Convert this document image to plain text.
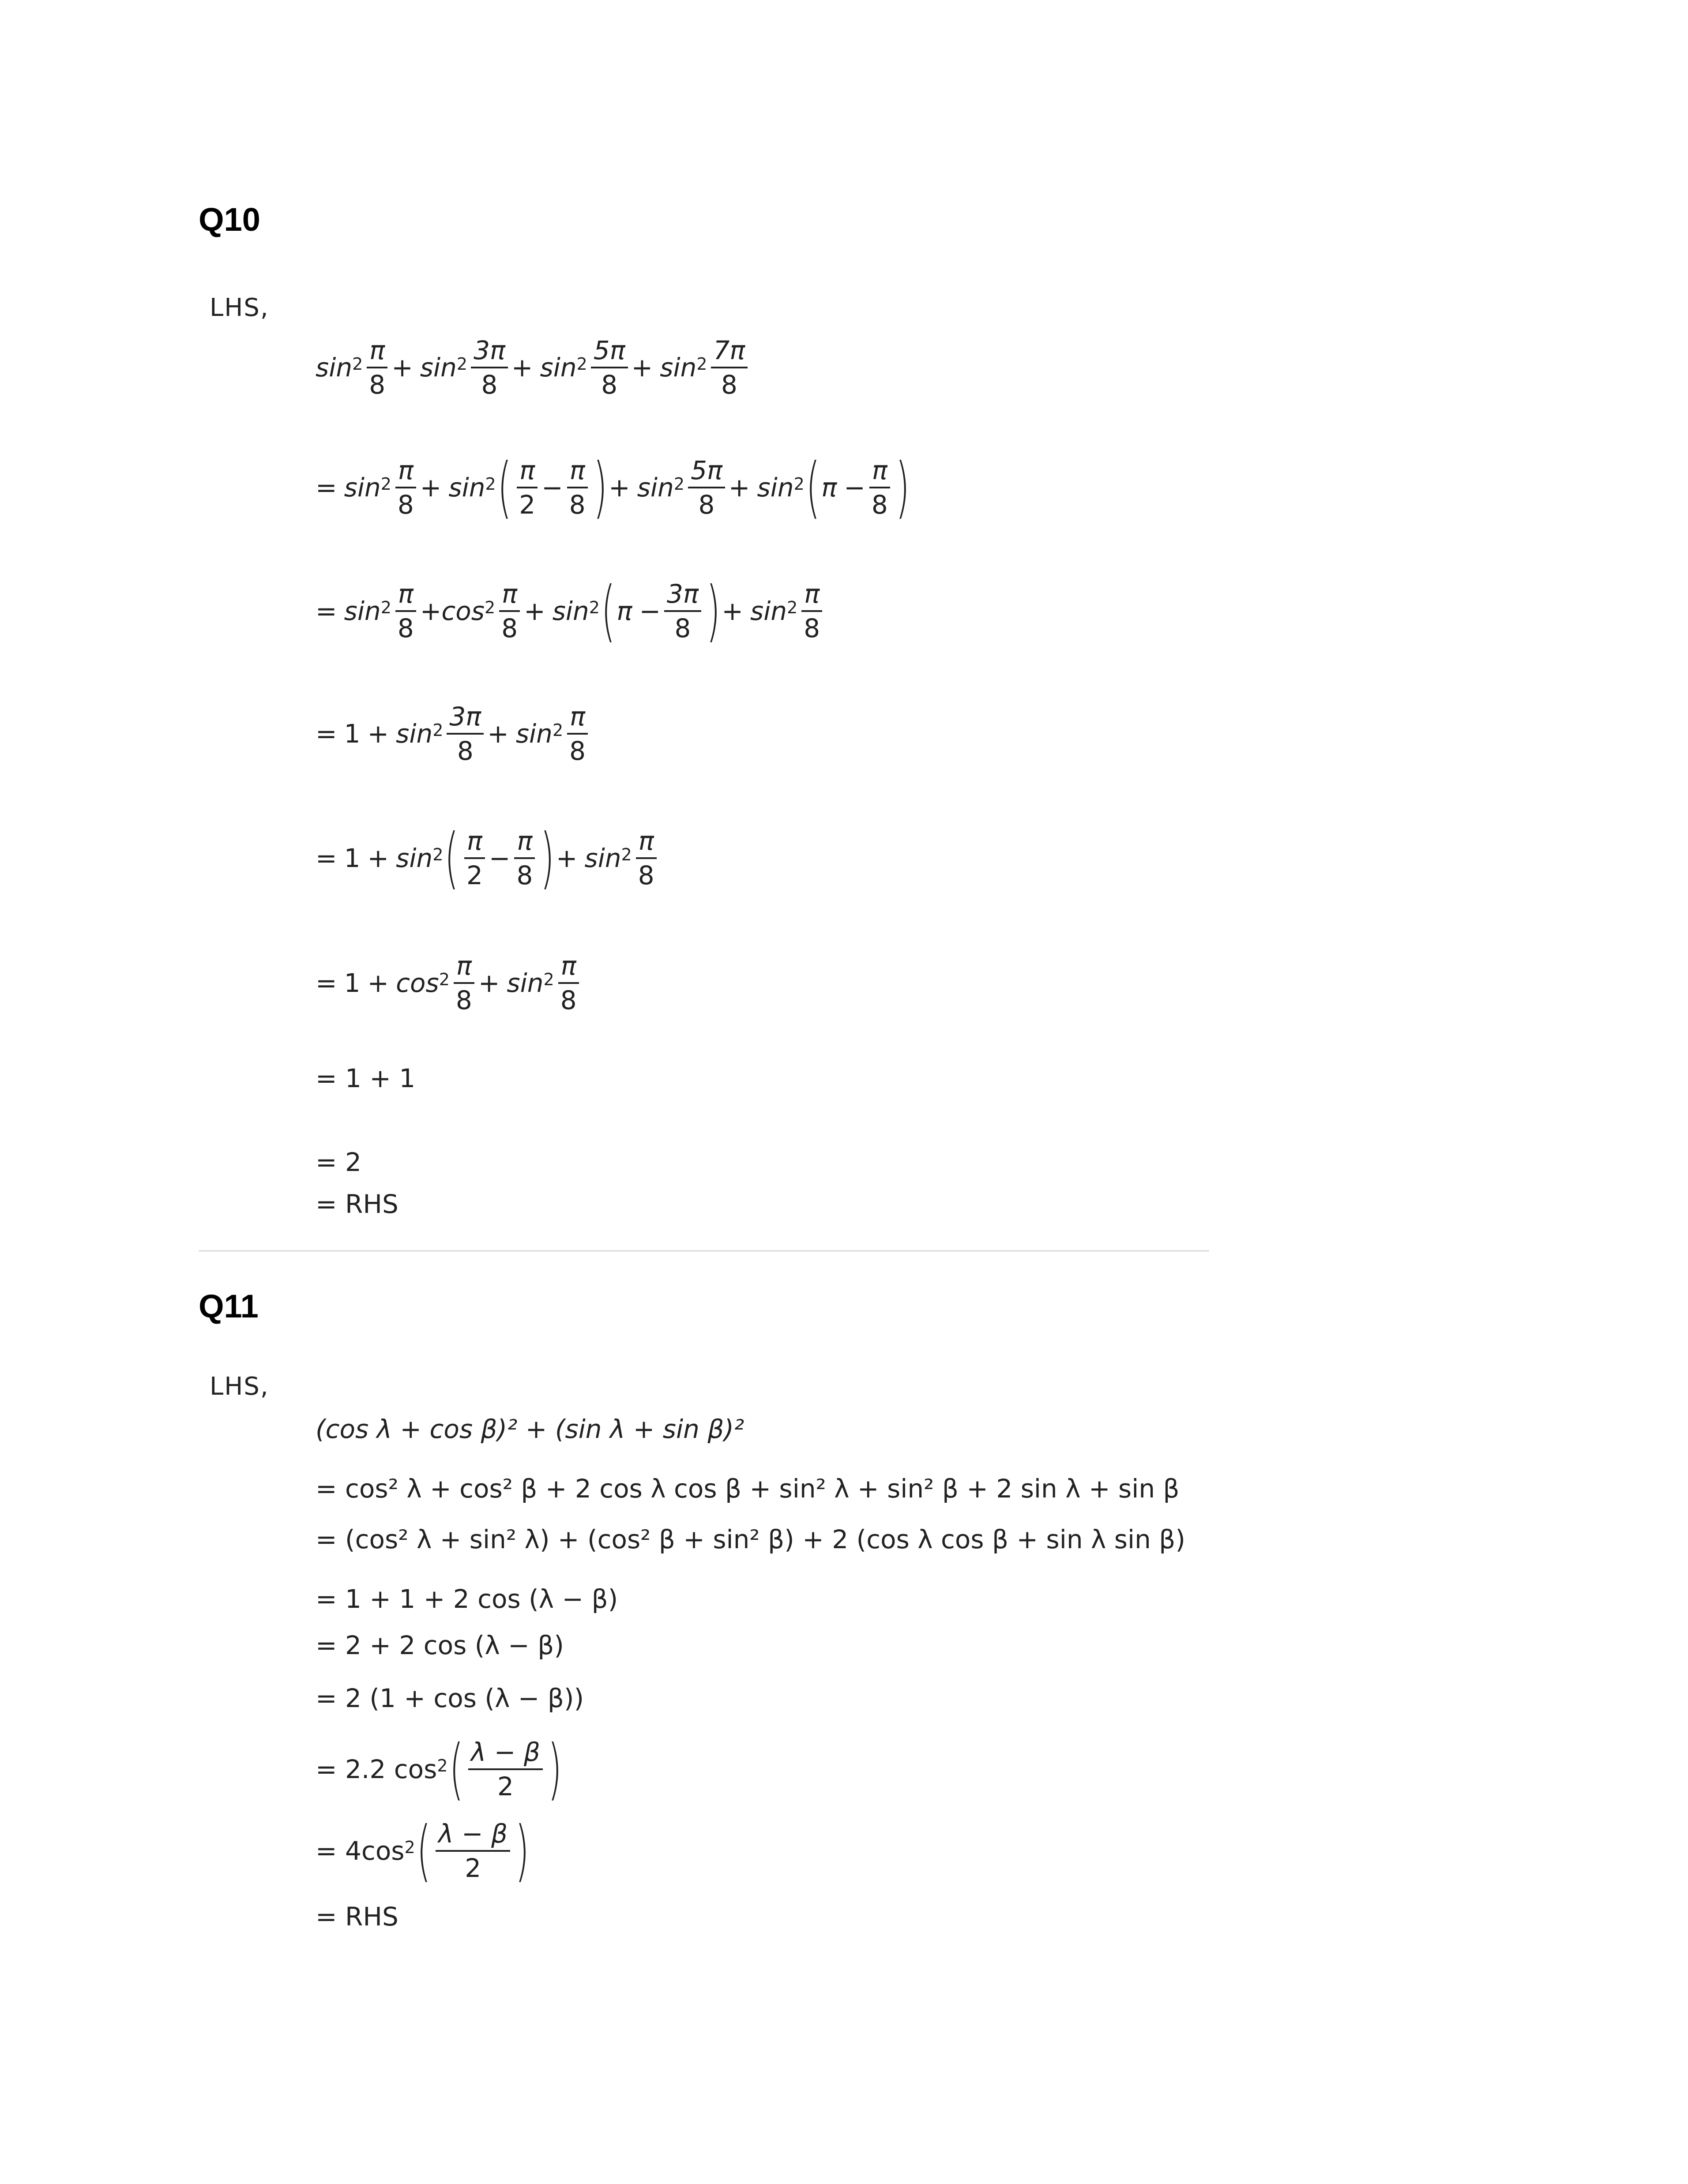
Q10
LHS,
$\sin^2 \frac{\pi}{8} + \sin^2 \frac{3\pi}{8} + \sin^2 \frac{5\pi}{8} + \sin^2 \frac{7\pi}{8}$
= $\sin^2 \frac{\pi}{8} + \sin^2$ ( $\frac{\pi}{2} - \frac{\pi}{8}$ ) + $\sin^2 \frac{5\pi}{8} + \sin^2$ ( $\pi - \frac{\pi}{8}$ )
= $\sin^2 \frac{\pi}{8} + \cos^2 \frac{\pi}{8} + \sin^2$ ( $\pi - \frac{3\pi}{8}$ ) + $\sin^2 \frac{\pi}{8}$
= $1 + \sin^2 \frac{3\pi}{8} + \sin^2 \frac{\pi}{8}$
= $1 + \sin^2$ ( $\frac{\pi}{2} - \frac{\pi}{8}$ ) + $\sin^2 \frac{\pi}{8}$
= $1 + \cos^2 \frac{\pi}{8} + \sin^2 \frac{\pi}{8}$
= 1 + 1
= 2
= RHS
Q11
LHS,
(cos λ + cos β)² + (sin λ + sin β)²
= cos² λ + cos² β + 2 cos λ cos β + sin² λ + sin² β + 2 sin λ + sin β
= (cos² λ + sin² λ) + (cos² β + sin² β) + 2 (cos λ cos β + sin λ sin β)
= 1 + 1 + 2 cos (λ − β)
= 2 + 2 cos (λ − β)
= 2 (1 + cos (λ − β))
= 2.2 $\cos^2$ ( $\frac{\lambda - \beta}{2}$ )
= $4\cos^2$ ( $\frac{\lambda - \beta}{2}$ )
= RHS
